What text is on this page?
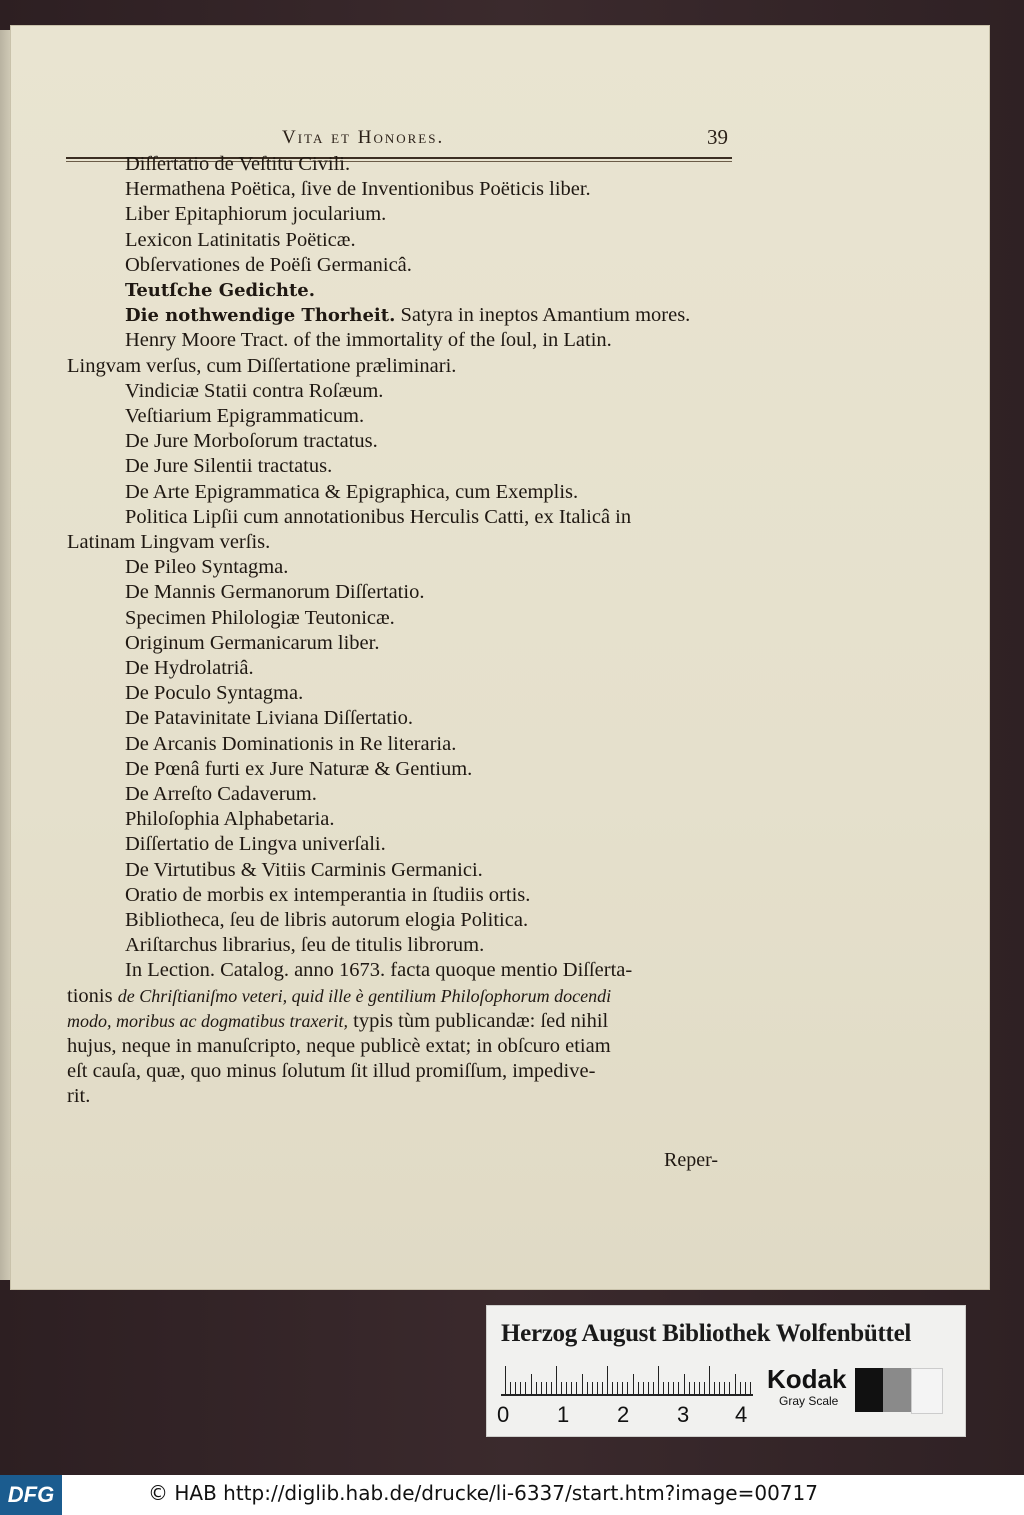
Vita et Honores.	39
Diſſertatio de Veſtitu Civili.
Hermathena Poëtica, ſive de Inventionibus Poëticis liber.
Liber Epitaphiorum jocularium.
Lexicon Latinitatis Poëticæ.
Obſervationes de Poëſi Germanicâ.
Teutſche Gedichte.
Die nothwendige Thorheit. Satyra in ineptos Amantium mores.
Henry Moore Tract. of the immortality of the ſoul, in Latin.
Lingvam verſus, cum Diſſertatione præliminari.
Vindiciæ Statii contra Roſæum.
Veſtiarium Epigrammaticum.
De Jure Morboſorum tractatus.
De Jure Silentii tractatus.
De Arte Epigrammatica & Epigraphica, cum Exemplis.
Politica Lipſii cum annotationibus Herculis Catti, ex Italicâ in
Latinam Lingvam verſis.
De Pileo Syntagma.
De Mannis Germanorum Diſſertatio.
Specimen Philologiæ Teutonicæ.
Originum Germanicarum liber.
De Hydrolatriâ.
De Poculo Syntagma.
De Patavinitate Liviana Diſſertatio.
De Arcanis Dominationis in Re literaria.
De Pœnâ furti ex Jure Naturæ & Gentium.
De Arreſto Cadaverum.
Philoſophia Alphabetaria.
Diſſertatio de Lingva univerſali.
De Virtutibus & Vitiis Carminis Germanici.
Oratio de morbis ex intemperantia in ſtudiis ortis.
Bibliotheca, ſeu de libris autorum elogia Politica.
Ariſtarchus librarius, ſeu de titulis librorum.
In Lection. Catalog. anno 1673. facta quoque mentio Diſſerta-
tionis de Chriſtianiſmo veteri, quid ille è gentilium Philoſophorum docendi
modo, moribus ac dogmatibus traxerit, typis tùm publicandæ: ſed nihil
hujus, neque in manuſcripto, neque publicè extat; in obſcuro etiam
eſt cauſa, quæ, quo minus ſolutum ſit illud promiſſum, impedive-
rit.
Reper-
Herzog August Bibliothek Wolfenbüttel
0 1 2 3 4
Kodak
Gray Scale
DFG	© HAB http://diglib.hab.de/drucke/li-6337/start.htm?image=00717
